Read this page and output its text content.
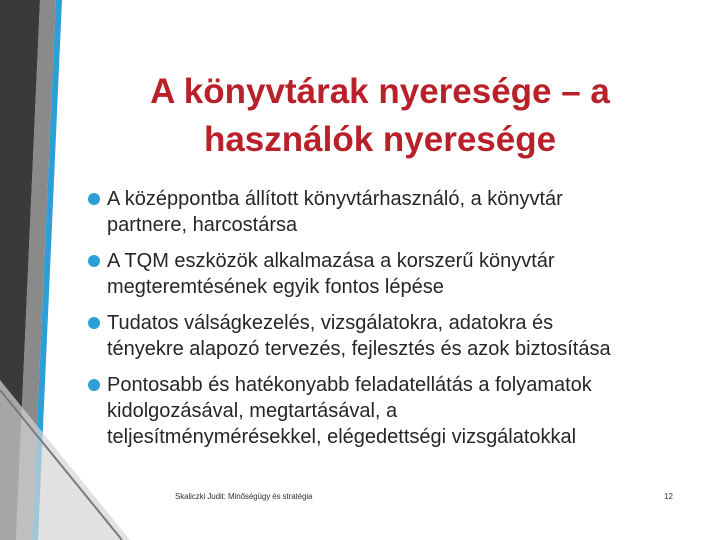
A könyvtárak nyeresége – a
használók nyeresége
A középpontba állított könyvtárhasználó, a könyvtár
partnere, harcostársa
A TQM eszközök alkalmazása a korszerű könyvtár
megteremtésének egyik fontos lépése
Tudatos válságkezelés, vizsgálatokra, adatokra és
tényekre alapozó tervezés, fejlesztés és azok biztosítása
Pontosabb és hatékonyabb feladatellátás a folyamatok
kidolgozásával, megtartásával, a
teljesítménymérésekkel, elégedettségi vizsgálatokkal
Skaliczki Judit: Minőségügy és stratégia	12
